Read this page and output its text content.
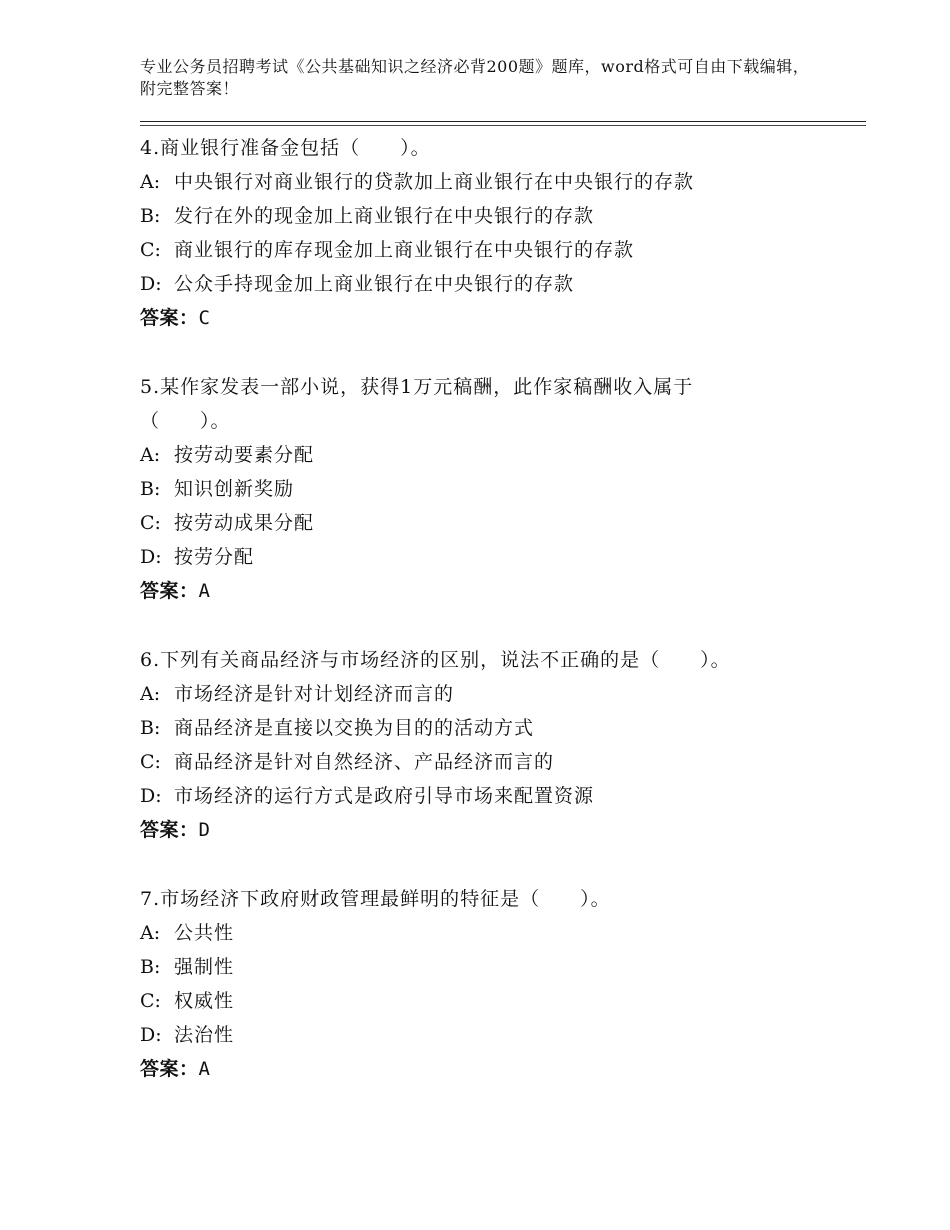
专业公务员招聘考试《公共基础知识之经济必背200题》题库，word格式可自由下载编辑，附完整答案！
4.商业银行准备金包括（　　）。
A: 中央银行对商业银行的贷款加上商业银行在中央银行的存款
B: 发行在外的现金加上商业银行在中央银行的存款
C: 商业银行的库存现金加上商业银行在中央银行的存款
D: 公众手持现金加上商业银行在中央银行的存款
答案：C
5.某作家发表一部小说，获得1万元稿酬，此作家稿酬收入属于（　　）。
A: 按劳动要素分配
B: 知识创新奖励
C: 按劳动成果分配
D: 按劳分配
答案：A
6.下列有关商品经济与市场经济的区别，说法不正确的是（　　）。
A: 市场经济是针对计划经济而言的
B: 商品经济是直接以交换为目的的活动方式
C: 商品经济是针对自然经济、产品经济而言的
D: 市场经济的运行方式是政府引导市场来配置资源
答案：D
7.市场经济下政府财政管理最鲜明的特征是（　　）。
A: 公共性
B: 强制性
C: 权威性
D: 法治性
答案：A
